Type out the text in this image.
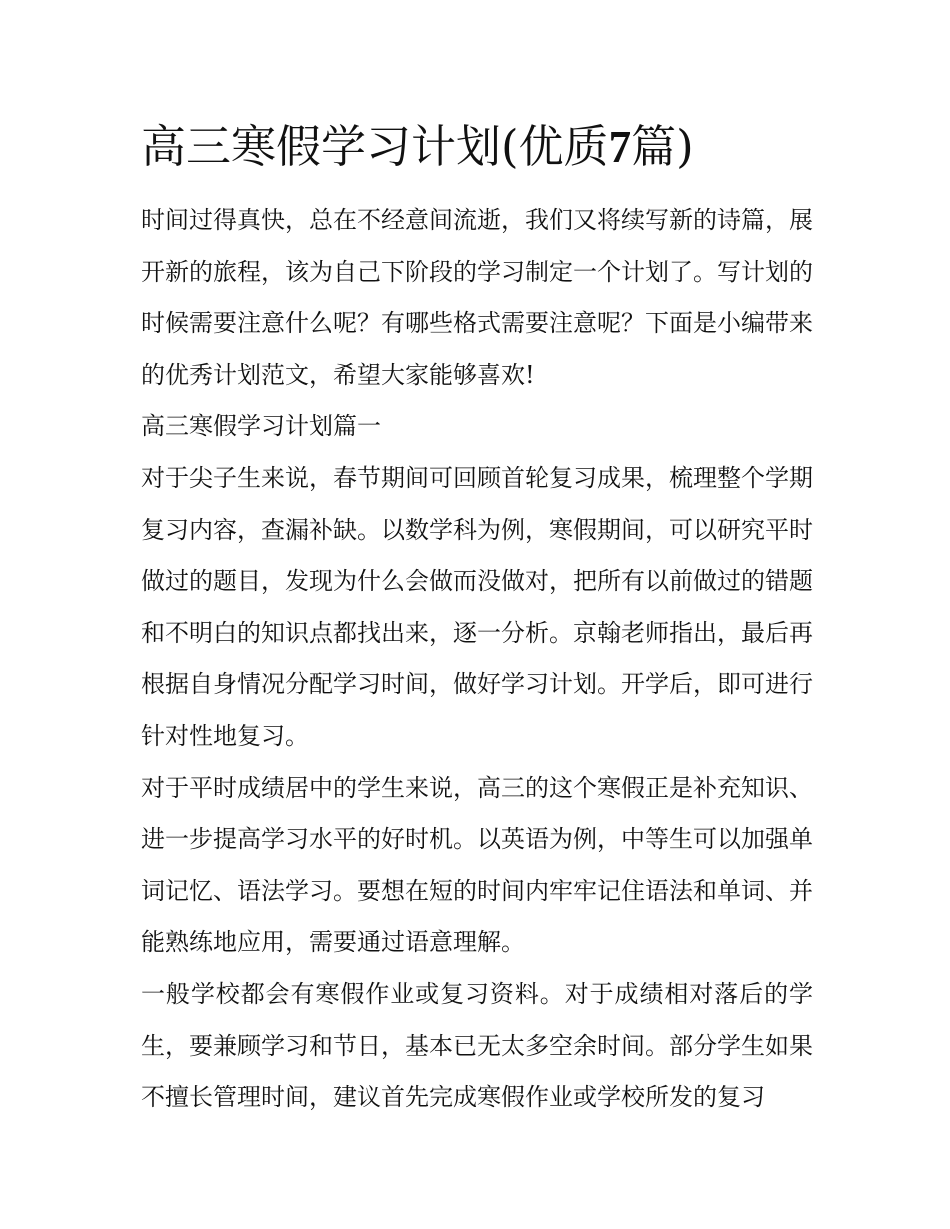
高三寒假学习计划(优质7篇)

时间过得真快，总在不经意间流逝，我们又将续写新的诗篇，展开新的旅程，该为自己下阶段的学习制定一个计划了。写计划的时候需要注意什么呢？有哪些格式需要注意呢？下面是小编带来的优秀计划范文，希望大家能够喜欢!

高三寒假学习计划篇一

对于尖子生来说，春节期间可回顾首轮复习成果，梳理整个学期复习内容，查漏补缺。以数学科为例，寒假期间，可以研究平时做过的题目，发现为什么会做而没做对，把所有以前做过的错题和不明白的知识点都找出来，逐一分析。京翰老师指出，最后再根据自身情况分配学习时间，做好学习计划。开学后，即可进行针对性地复习。

对于平时成绩居中的学生来说，高三的这个寒假正是补充知识、进一步提高学习水平的好时机。以英语为例，中等生可以加强单词记忆、语法学习。要想在短的时间内牢牢记住语法和单词、并能熟练地应用，需要通过语意理解。

一般学校都会有寒假作业或复习资料。对于成绩相对落后的学生，要兼顾学习和节日，基本已无太多空余时间。部分学生如果不擅长管理时间，建议首先完成寒假作业或学校所发的复习
